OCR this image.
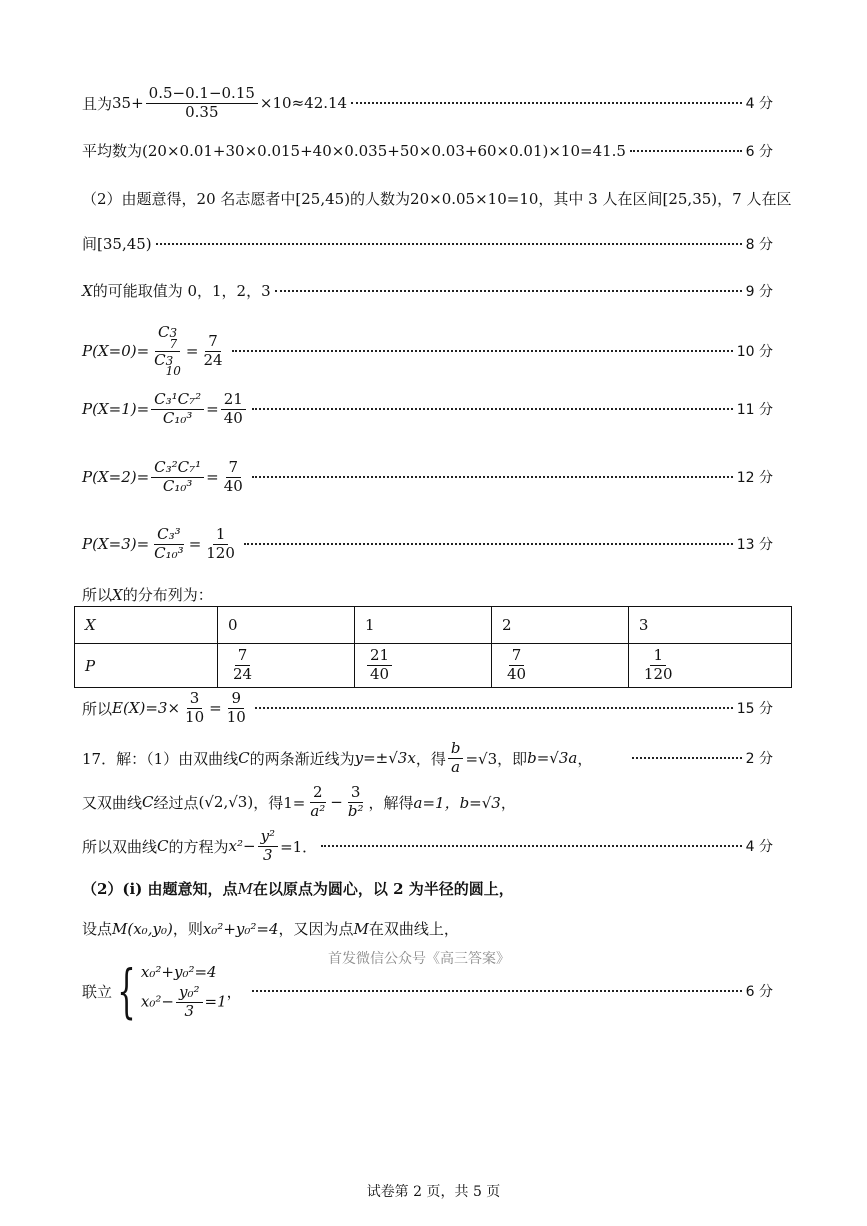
且为 $35+ \frac{0.5-0.1-0.15}{0.35} \times 10\approx 42.14$	4 分
平均数为 (20×0.01+30×0.015+40×0.035+50×0.03+60×0.01)×10=41.5	6 分
（2）由题意得，20 名志愿者中[25,45)的人数为20×0.05×10=10，其中 3 人在区间[25,35)，7 人在区
间[35,45)	8 分
X 的可能取值为 0，1，2，3	9 分
P(X=0)= C 3
7
C 3
$10 = \frac{7}{24}$	10 分
$P(X=1)= \frac{\text{C₃¹C₇²}}{\text{C₁₀³}} = \frac{21}{40}$	11 分
$P(X=2)= \frac{\text{C₃²C₇¹}}{\text{C₁₀³}} = \frac{7}{40}$	12 分
$P(X=3)= \frac{\text{C₃³}}{\text{C₁₀³}} = \frac{1}{120}$	13 分
所以 X 的分布列为：
X	0	1	2	3
P	$\frac{7}{24}$	$\frac{21}{40}$	$\frac{7}{40}$	$\frac{1}{120}$
所以 $E(X)=3\times \frac{3}{10} = \frac{9}{10}$	15 分
17．解：（1）由双曲线 C 的两条渐近线为 y=±√3x ，得 $\frac{b}{a} =√3$，即 b=√3a ，	2 分
又双曲线 C 经过点 (√2,√3) ，得$1= \frac{2}{\text{a²}} - \frac{3}{\text{b²}}$ ，解得 a=1，b=√3 ，
所以双曲线 C 的方程为 $x^2- \frac{\text{y²}}{3} =1$．	4 分
（2）(i) 由题意知，点 M 在以原点为圆心，以 2 为半径的圆上，
设点 M(x₀,y₀) ，则 x₀²+y₀²=4 ，又因为点 M 在双曲线上，
首发微信公众号《高三答案》
联立 { x₀²+y₀²=4
$x_0^2- \frac{\text{y₀²}}{3} =1$
，	6 分
试卷第 2 页，共 5 页
